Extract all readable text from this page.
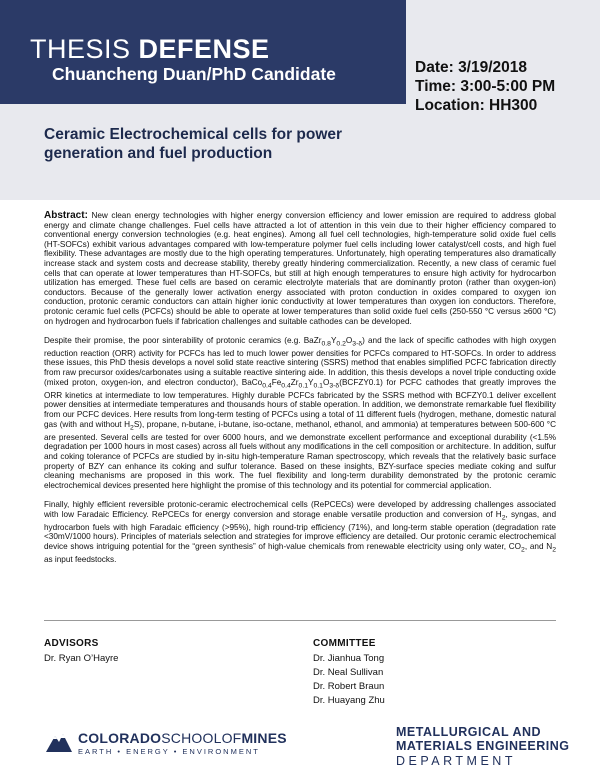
THESIS DEFENSE
Chuancheng Duan/PhD Candidate	Date: 3/19/2018
Time: 3:00-5:00 PM
Location: HH300
Ceramic Electrochemical cells for power generation and fuel production

Abstract: New clean energy technologies with higher energy conversion efficiency and lower emission are required to address global energy and climate change challenges. Fuel cells have attracted a lot of attention in this vein due to their higher efficiency compared to conventional energy conversion technologies (e.g. heat engines). Among all fuel cell technologies, high-temperature solid oxide fuel cells (HT-SOFCs) exhibit various advantages compared with low-temperature polymer fuel cells including lower catalyst/cell costs, and high fuel flexibility. These advantages are mostly due to the high operating temperatures. Unfortunately, high operating temperatures also dramatically increase stack and system costs and decrease stability, thereby greatly hindering commercialization. Recently, a new class of ceramic fuel cells that can operate at lower temperatures than HT-SOFCs, but still at high enough temperatures to ensure high activity for hydrocarbon utilization has emerged. These fuel cells are based on ceramic electrolyte materials that are dominantly proton (rather than oxygen-ion) conductors. Because of the generally lower activation energy associated with proton conduction in oxides compared to oxygen ion conduction, protonic ceramic conductors can attain higher ionic conductivity at lower temperatures than oxygen ion conductors. Therefore, protonic ceramic fuel cells (PCFCs) should be able to operate at lower temperatures than solid oxide fuel cells (250-550 °C versus ≥600 °C) on hydrogen and hydrocarbon fuels if fabrication challenges and suitable cathodes can be developed.

Despite their promise, the poor sinterability of protonic ceramics (e.g. $BaZr_{0.8}Y_{0.2}O_{3-\delta}$) and the lack of specific cathodes with high oxygen reduction reaction (ORR) activity for PCFCs has led to much lower power densities for PCFCs compared to HT-SOFCs. In order to address these issues, this PhD thesis develops a novel solid state reactive sintering (SSRS) method that enables simplified PCFC fabrication directly from raw precursor oxides/carbonates using a suitable reactive sintering aide. In addition, this thesis develops a novel triple conducting oxide (mixed proton, oxygen-ion, and electron conductor), $BaCo_{0.4}Fe_{0.4}Zr_{0.1}Y_{0.1}O_{3-\delta}(BCFZY0.1)$ for PCFC cathodes that greatly improves the ORR kinetics at intermediate to low temperatures. Highly durable PCFCs fabricated by the SSRS method with BCFZY0.1 deliver excellent power densities at intermediate temperatures and thousands hours of stable operation. In addition, we demonstrate remarkable fuel flexibility from our PCFC devices. Here results from long-term testing of PCFCs using a total of 11 different fuels (hydrogen, methane, domestic natural gas (with and without $H_2S$), propane, n-butane, i-butane, iso-octane, methanol, ethanol, and ammonia) at temperatures between 500-600 °C are presented. Several cells are tested for over 6000 hours, and we demonstrate excellent performance and exceptional durability (<1.5% degradation per 1000 hours in most cases) across all fuels without any modifications in the cell composition or architecture. In addition, sulfur and coking tolerance of PCFCs are studied by in-situ high-temperature Raman spectroscopy, which reveals that the relatively basic surface property of BZY can enhance its coking and sulfur tolerance. Based on these insights, BZY-surface species mediate coking and sulfur cleaning mechanisms are proposed in this work. The fuel flexibility and long-term durability demonstrated by the protonic ceramic electrochemical devices presented here highlight the promise of this technology and its potential for commercial application.

Finally, highly efficient reversible protonic-ceramic electrochemical cells (RePCECs) were developed by addressing challenges associated with low Faradaic Efficiency. RePCECs for energy conversion and storage enable versatile production and conversion of $H_2$, syngas, and hydrocarbon fuels with high Faradaic efficiency (>95%), high round-trip efficiency (71%), and long-term stable operation (degradation rate <30mV/1000 hours). Principles of materials selection and strategies for improve efficiency are detailed. Our protonic ceramic electrochemical device shows intriguing potential for the “green synthesis” of high-value chemicals from renewable electricity using only water, $CO_2$, and $N_2$ as input feedstocks.

ADVISORS
Dr. Ryan O’Hayre
COMMITTEE
Dr. Jianhua Tong
Dr. Neal Sullivan
Dr. Robert Braun
Dr. Huayang Zhu
COLORADOSCHOOLOFMINES
EARTH • ENERGY • ENVIRONMENT
METALLURGICAL AND
MATERIALS ENGINEERING
DEPARTMENT
